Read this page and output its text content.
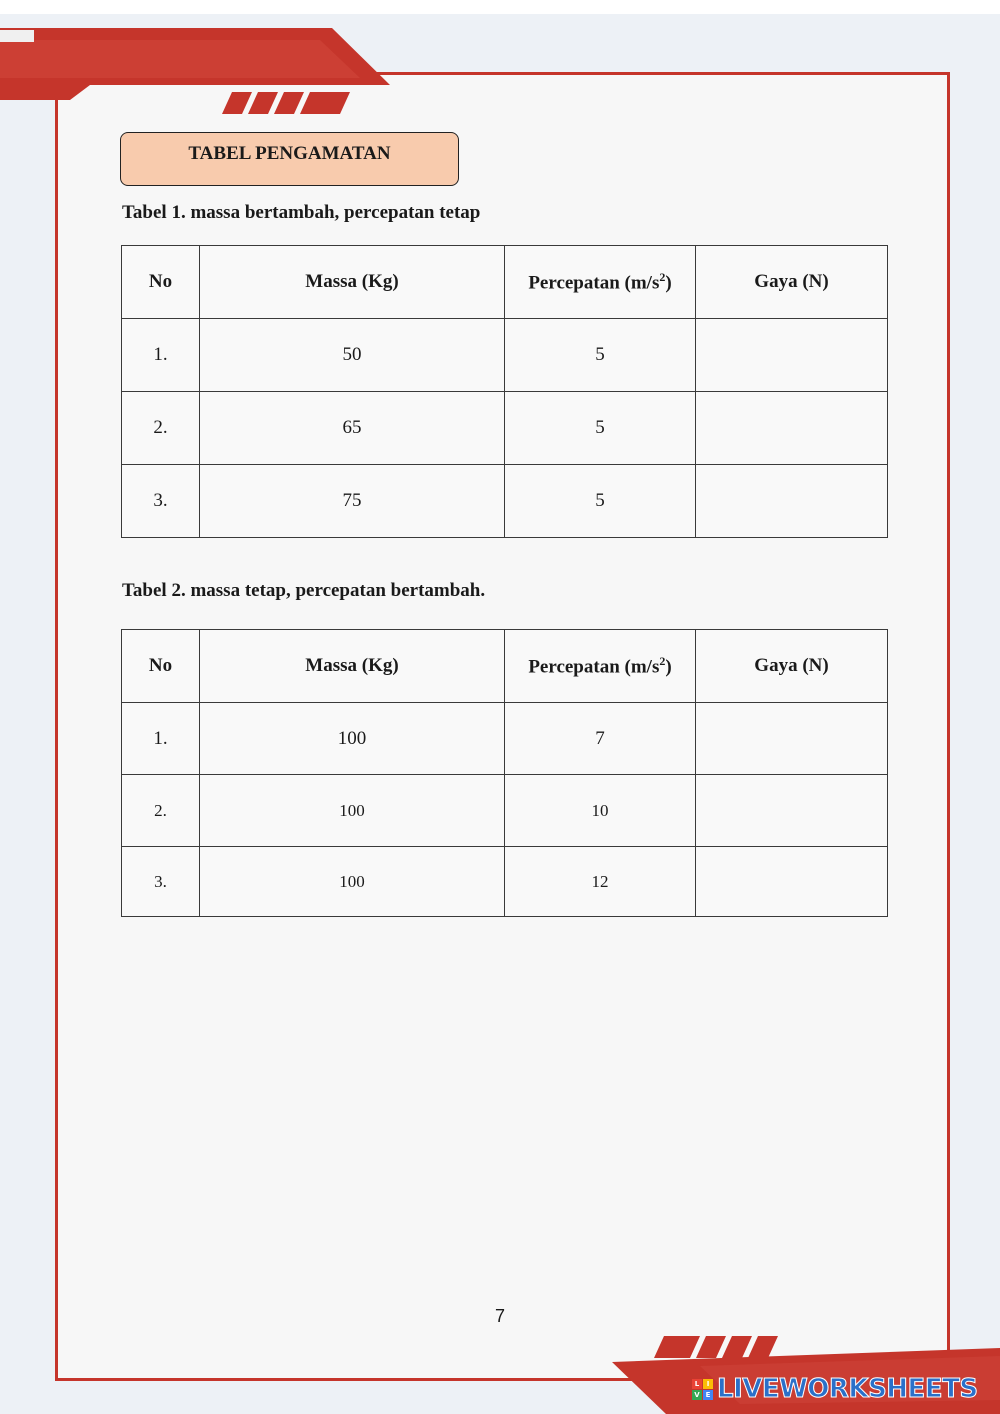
TABEL PENGAMATAN
Tabel 1. massa bertambah, percepatan tetap
No	Massa (Kg)	Percepatan $(m/s^2)$	Gaya (N)
1.	50	5	
2.	65	5	
3.	75	5	
Tabel 2. massa tetap, percepatan bertambah.
No	Massa (Kg)	Percepatan $(m/s^2)$	Gaya (N)
1.	100	7	
2.	100	10	
3.	100	12	
7
L	I
V E LIVEWORKSHEETS
